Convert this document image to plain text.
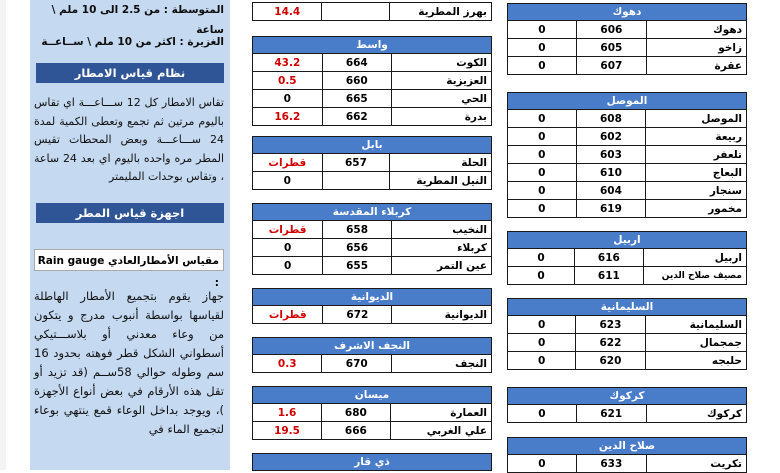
المتوسطة : من 2.5 الى 10 ملم \ ساعة
الغزيرة : اكثر من 10 ملم \ ســاعــة
نظام قياس الامطار
تقاس الامطار كل 12 ســـاعـــة اي تقاس باليوم مرتين ثم تجمع وتعطى الكمية لمدة 24 ســـاعـــة وبعض المحطات تقيس المطر مره واحده باليوم اي بعد 24 ساعة ، وتقاس بوحدات المليمتر
اجهزة قياس المطر
مقياس الأمطارالعادي Rain gauge :
جهاز يقوم بتجميع الأمطار الهاطلة لقياسها بواسطة أنبوب مدرج و يتكون من وعاء معدني أو بلاســـتيكي أسطواني الشكل قطر فوهته بحدود 16 سم وطوله حوالي 58ســم (قد تزيد أو تقل هذه الأرقام في بعض أنواع الأجهزة )، ويوجد بداخل الوعاء قمع ينتهي بوعاء لتجميع الماء في
بهرز المطرية		14.4
واسط		
الكوت	664	43.2
العزيزية	660	0.5
الحي	665	0
بدرة	662	16.2
بابل		
الحلة	657	قطرات
النيل المطرية		0
كربلاء المقدسة		
النخيب	658	قطرات
كربلاء	656	0
عين التمر	655	0
الديوانية
الديوانية	672	قطرات
النجف الاشرف
النجف	670	0.3
ميسان		
العمارة	680	1.6
علي الغربي	666	19.5
ذي قار
دهوك		
دهوك	606	0
زاخو	605	0
عقرة	607	0
الموصل		
الموصل	608	0
ربيعة	602	0
تلعفر	603	0
البعاج	610	0
سنجار	604	0
مخمور	619	0
اربيل		
اربيل	616	0
مصيف صلاح الدين	611	0
السليمانية		
السليمانية	623	0
جمجمال	622	0
حلبجه	620	0
كركوك
كركوك	621	0
صلاح الدين
تكريت	633	0
